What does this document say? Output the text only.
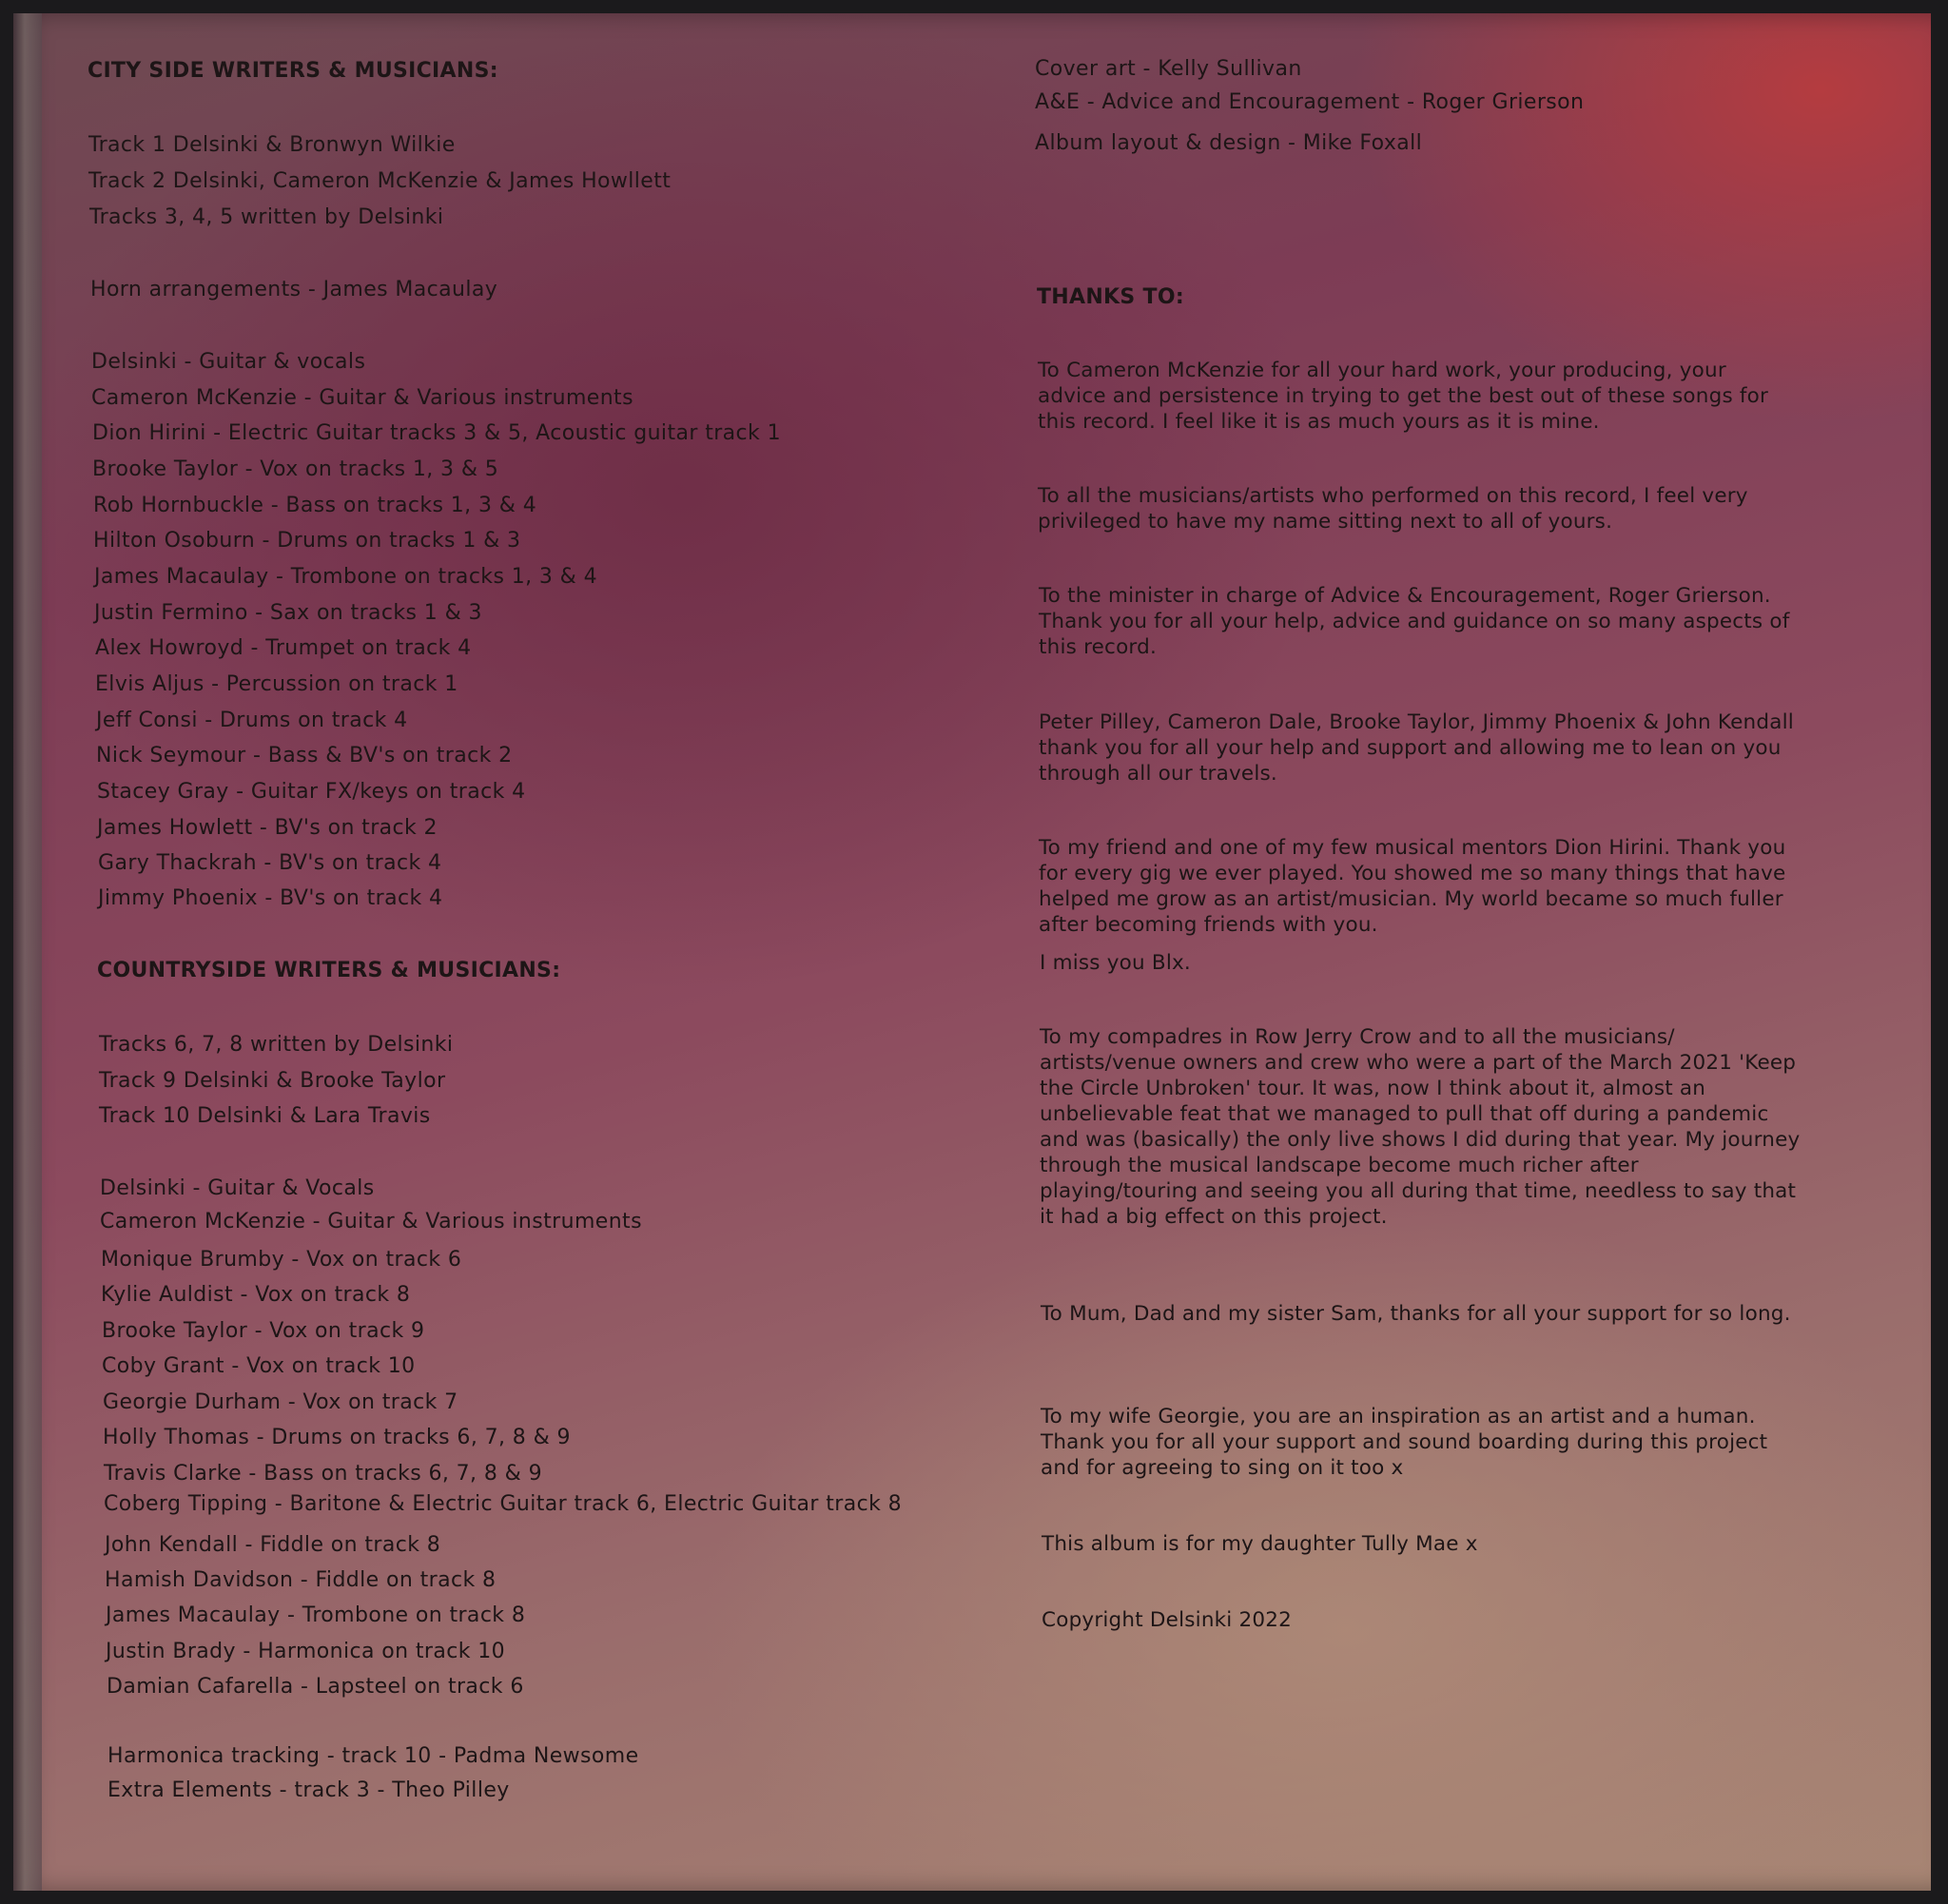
CITY SIDE WRITERS & MUSICIANS:
Track 1 Delsinki & Bronwyn Wilkie
Track 2 Delsinki, Cameron McKenzie & James Howllett
Tracks 3, 4, 5 written by Delsinki
Horn arrangements - James Macaulay
Delsinki - Guitar & vocals
Cameron McKenzie - Guitar & Various instruments
Dion Hirini - Electric Guitar tracks 3 & 5, Acoustic guitar track 1
Brooke Taylor - Vox on tracks 1, 3 & 5
Rob Hornbuckle - Bass on tracks 1, 3 & 4
Hilton Osoburn - Drums on tracks 1 & 3
James Macaulay - Trombone on tracks 1, 3 & 4
Justin Fermino - Sax on tracks 1 & 3
Alex Howroyd - Trumpet on track 4
Elvis Aljus - Percussion on track 1
Jeff Consi - Drums on track 4
Nick Seymour - Bass & BV's on track 2
Stacey Gray - Guitar FX/keys on track 4
James Howlett - BV's on track 2
Gary Thackrah - BV's on track 4
Jimmy Phoenix - BV's on track 4
COUNTRYSIDE WRITERS & MUSICIANS:
Tracks 6, 7, 8 written by Delsinki
Track 9 Delsinki & Brooke Taylor
Track 10 Delsinki & Lara Travis
Delsinki - Guitar & Vocals
Cameron McKenzie - Guitar & Various instruments
Monique Brumby - Vox on track 6
Kylie Auldist - Vox on track 8
Brooke Taylor - Vox on track 9
Coby Grant - Vox on track 10
Georgie Durham - Vox on track 7
Holly Thomas - Drums on tracks 6, 7, 8 & 9
Travis Clarke - Bass on tracks 6, 7, 8 & 9
Coberg Tipping - Baritone & Electric Guitar track 6, Electric Guitar track 8
John Kendall - Fiddle on track 8
Hamish Davidson - Fiddle on track 8
James Macaulay - Trombone on track 8
Justin Brady - Harmonica on track 10
Damian Cafarella - Lapsteel on track 6
Harmonica tracking - track 10 - Padma Newsome
Extra Elements - track 3 - Theo Pilley
Cover art - Kelly Sullivan
A&E - Advice and Encouragement - Roger Grierson
Album layout & design - Mike Foxall
THANKS TO:
To Cameron McKenzie for all your hard work, your producing, your advice and persistence in trying to get the best out of these songs for this record. I feel like it is as much yours as it is mine.
To all the musicians/artists who performed on this record, I feel very privileged to have my name sitting next to all of yours.
To the minister in charge of Advice & Encouragement, Roger Grierson. Thank you for all your help, advice and guidance on so many aspects of this record.
Peter Pilley, Cameron Dale, Brooke Taylor, Jimmy Phoenix & John Kendall thank you for all your help and support and allowing me to lean on you through all our travels.
To my friend and one of my few musical mentors Dion Hirini. Thank you for every gig we ever played. You showed me so many things that have helped me grow as an artist/musician. My world became so much fuller after becoming friends with you.
I miss you Blx.
To my compadres in Row Jerry Crow and to all the musicians/ artists/venue owners and crew who were a part of the March 2021 'Keep the Circle Unbroken' tour. It was, now I think about it, almost an unbelievable feat that we managed to pull that off during a pandemic and was (basically) the only live shows I did during that year. My journey through the musical landscape become much richer after playing/touring and seeing you all during that time, needless to say that it had a big effect on this project.
To Mum, Dad and my sister Sam, thanks for all your support for so long.
To my wife Georgie, you are an inspiration as an artist and a human. Thank you for all your support and sound boarding during this project and for agreeing to sing on it too x
This album is for my daughter Tully Mae x
Copyright Delsinki 2022
